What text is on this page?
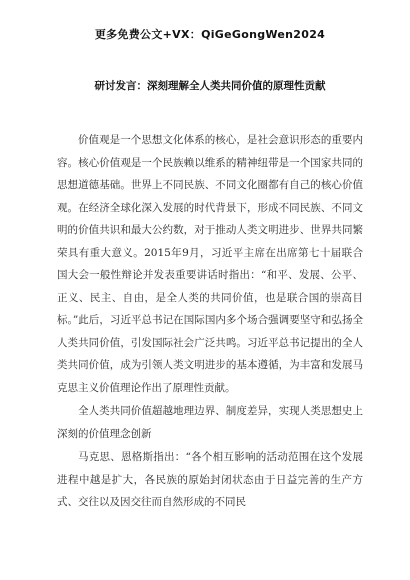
更多免费公文+VX：QiGeGongWen2024
研讨发言：深刻理解全人类共同价值的原理性贡献

价值观是一个思想文化体系的核心，是社会意识形态的重要内容。核心价值观是一个民族赖以维系的精神纽带是一个国家共同的思想道德基础。世界上不同民族、不同文化圈都有自己的核心价值观。在经济全球化深入发展的时代背景下，形成不同民族、不同文明的价值共识和最大公约数，对于推动人类文明进步、世界共同繁荣具有重大意义。2015年9月，习近平主席在出席第七十届联合国大会一般性辩论并发表重要讲话时指出：“和平、发展、公平、正义、民主、自由，是全人类的共同价值，也是联合国的崇高目标。”此后，习近平总书记在国际国内多个场合强调要坚守和弘扬全人类共同价值，引发国际社会广泛共鸣。习近平总书记提出的全人类共同价值，成为引领人类文明进步的基本遵循，为丰富和发展马克思主义价值理论作出了原理性贡献。

全人类共同价值超越地理边界、制度差异，实现人类思想史上深刻的价值理念创新

马克思、恩格斯指出：“各个相互影响的活动范围在这个发展进程中越是扩大，各民族的原始封闭状态由于日益完善的生产方式、交往以及因交往而自然形成的不同民
